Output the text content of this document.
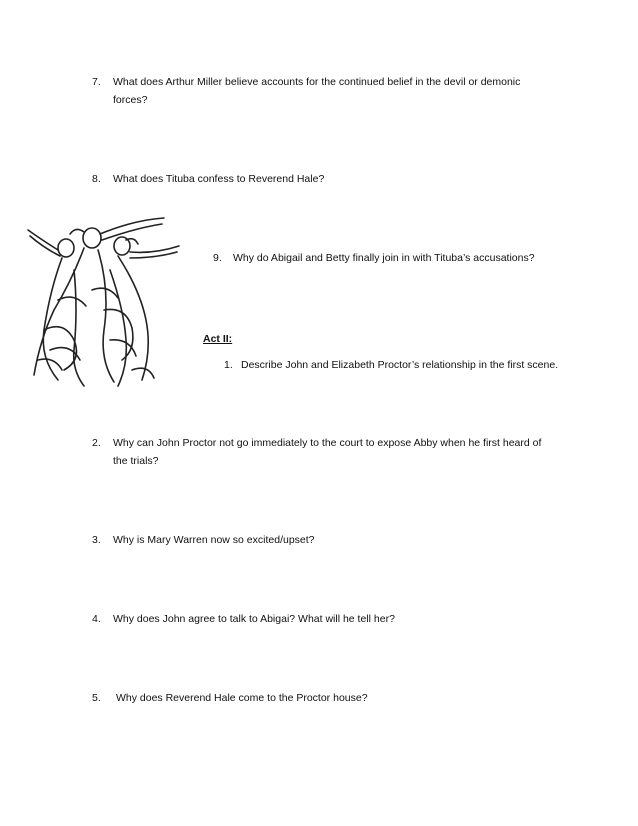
7. What does Arthur Miller believe accounts for the continued belief in the devil or demonic
forces?
8. What does Tituba confess to Reverend Hale?
9. Why do Abigail and Betty finally join in with Tituba’s accusations?
Act II:
1. Describe John and Elizabeth Proctor’s relationship in the first scene.
2. Why can John Proctor not go immediately to the court to expose Abby when he first heard of
the trials?
3. Why is Mary Warren now so excited/upset?
4. Why does John agree to talk to Abigai? What will he tell her?
5. Why does Reverend Hale come to the Proctor house?
